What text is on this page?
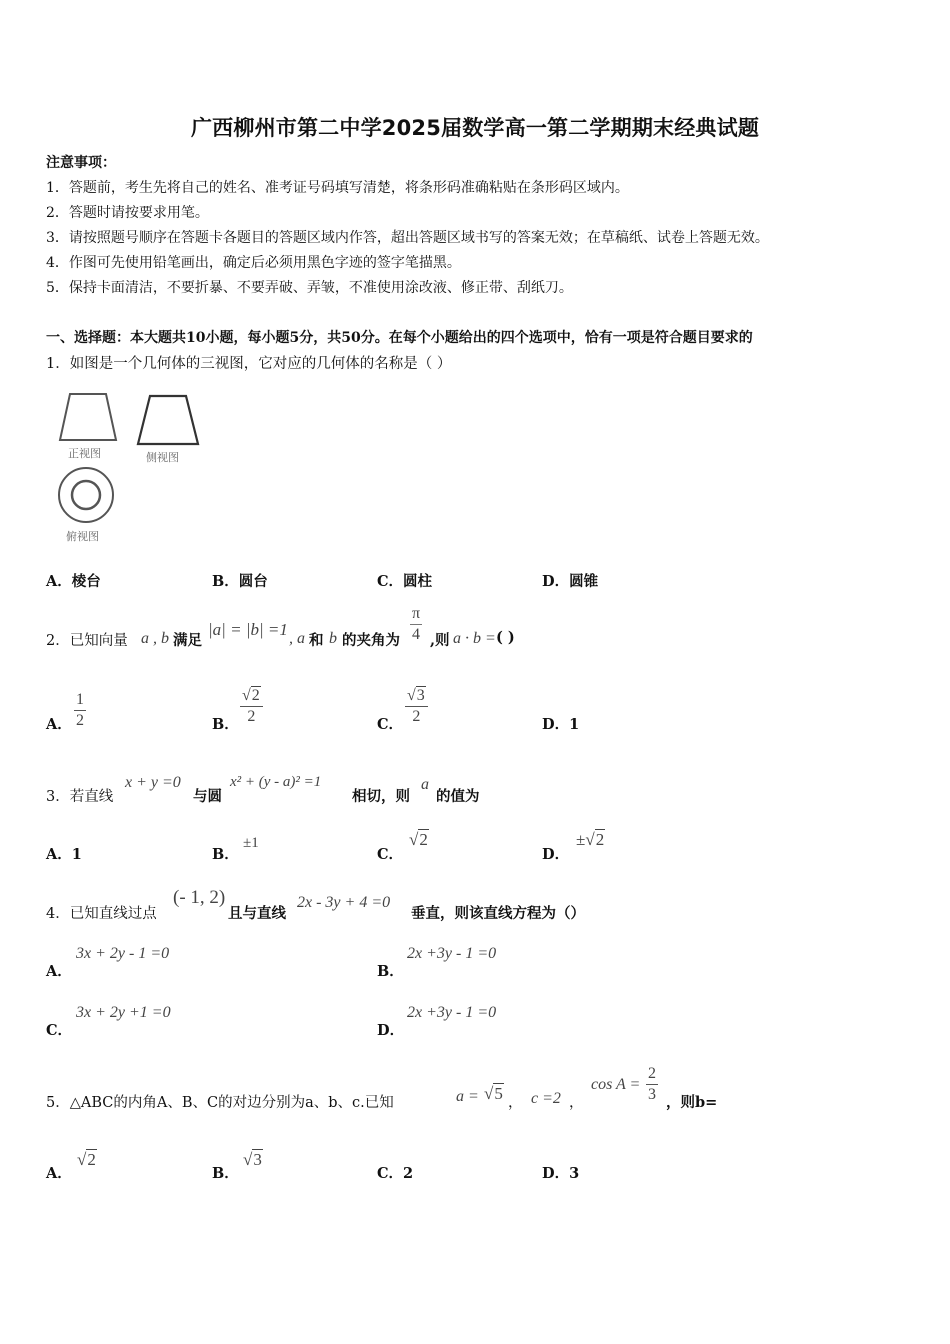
广西柳州市第二中学2025届数学高一第二学期期末经典试题
注意事项：
1．答题前，考生先将自己的姓名、准考证号码填写清楚，将条形码准确粘贴在条形码区域内。
2．答题时请按要求用笔。
3．请按照题号顺序在答题卡各题目的答题区域内作答，超出答题区域书写的答案无效；在草稿纸、试卷上答题无效。
4．作图可先使用铅笔画出，确定后必须用黑色字迹的签字笔描黑。
5．保持卡面清洁，不要折暴、不要弄破、弄皱，不准使用涂改液、修正带、刮纸刀。
一、选择题：本大题共10小题，每小题5分，共50分。在每个小题给出的四个选项中，恰有一项是符合题目要求的
1．如图是一个几何体的三视图，它对应的几何体的名称是（ ）
正视图	侧视图
俯视图
A．棱台	B．圆台	C．圆柱	D．圆锥
2．已知向量 a , b 满足
|a| = |b| =1 , a 和 b 的夹角为 $\frac{\pi}{4}$ ,则 a · b = ( )
A． $\frac{1}{2}$	B． $\frac{√2}{2}$	C． $\frac{√3}{2}$	D．1
3．若直线
x + y =0
与圆
x² + (y - a)² =1
相切，则
a
的值为
A．1	B．
±1
C．
√2
D．
±√2
4．已知直线过点
(- 1, 2)
且与直线
2x - 3y + 4 =0
垂直，则该直线方程为（）
A．
3x + 2y - 1 =0
B．
2x +3y - 1 =0
C．
3x + 2y +1 =0
D．
2x +3y - 1 =0
5．△ABC的内角A、B、C的对边分别为a、b、c.已知	a = √5 ， c =2 ，
$\cos A = \frac{2}{3}$ ，则b=
A．
√2
B．
√3
C．2	D．3
